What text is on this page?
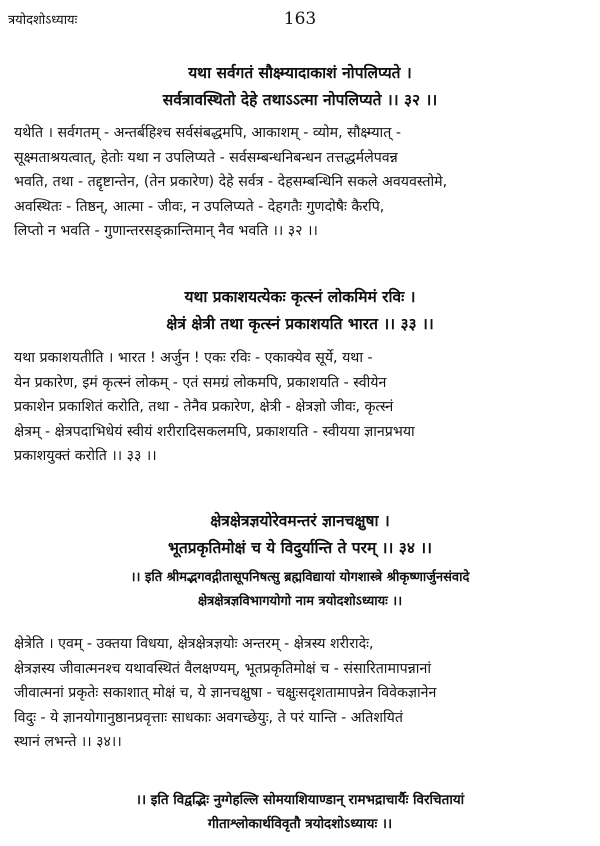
त्रयोदशोऽध्यायः	163
यथा सर्वगतं सौक्ष्म्यादाकाशं नोपलिप्यते ।
सर्वत्रावस्थितो देहे तथाऽऽत्मा नोपलिप्यते ।। ३२ ।।
यथेति । सर्वगतम् - अन्तर्बहिश्च सर्वसंबद्धमपि, आकाशम् - व्योम, सौक्ष्म्यात् -
सूक्ष्मताश्रयत्वात्, हेतोः यथा न उपलिप्यते - सर्वसम्बन्धनिबन्धन तत्तद्धर्मलेपवन्न
भवति, तथा - तद्दृष्टान्तेन, (तेन प्रकारेण) देहे सर्वत्र - देहसम्बन्धिनि सकले अवयवस्तोमे,
अवस्थितः - तिष्ठन्, आत्मा - जीवः, न उपलिप्यते - देहगतैः गुणदोषैः कैरपि,
लिप्तो न भवति - गुणान्तरसङ्क्रान्तिमान् नैव भवति ।। ३२ ।।
यथा प्रकाशयत्येकः कृत्स्नं लोकमिमं रविः ।
क्षेत्रं क्षेत्री तथा कृत्स्नं प्रकाशयति भारत ।। ३३ ।।
यथा प्रकाशयतीति । भारत ! अर्जुन ! एकः रविः - एकाक्येव सूर्ये, यथा -
येन प्रकारेण, इमं कृत्स्नं लोकम् - एतं समग्रं लोकमपि, प्रकाशयति - स्वीयेन
प्रकाशेन प्रकाशितं करोति, तथा - तेनैव प्रकारेण, क्षेत्री - क्षेत्रज्ञो जीवः, कृत्स्नं
क्षेत्रम् - क्षेत्रपदाभिधेयं स्वीयं शरीरादिसकलमपि, प्रकाशयति - स्वीयया ज्ञानप्रभया
प्रकाशयुक्तं करोति ।। ३३ ।।
क्षेत्रक्षेत्रज्ञयोरेवमन्तरं ज्ञानचक्षुषा ।
भूतप्रकृतिमोक्षं च ये विदुर्यान्ति ते परम् ।। ३४ ।।
।। इति श्रीमद्भगवद्गीतासूपनिषत्सु ब्रह्मविद्यायां योगशास्त्रे श्रीकृष्णार्जुनसंवादे
क्षेत्रक्षेत्रज्ञविभागयोगो नाम त्रयोदशोऽध्यायः ।।
क्षेत्रेति । एवम् - उक्तया विधया, क्षेत्रक्षेत्रज्ञयोः अन्तरम् - क्षेत्रस्य शरीरादेः,
क्षेत्रज्ञस्य जीवात्मनश्च यथावस्थितं वैलक्षण्यम्, भूतप्रकृतिमोक्षं च - संसारितामापन्नानां
जीवात्मनां प्रकृतेः सकाशात् मोक्षं च, ये ज्ञानचक्षुषा - चक्षुःसदृशतामापन्नेन विवेकज्ञानेन
विदुः - ये ज्ञानयोगानुष्ठानप्रवृत्ताः साधकाः अवगच्छेयुः, ते परं यान्ति - अतिशयितं
स्थानं लभन्ते ।। ३४।।
।। इति विद्वद्भिः नुग्गेहल्लि सोमयाशियाण्डान् रामभद्राचार्यैः विरचितायां
गीताश्लोकार्थविवृतौ त्रयोदशोऽध्यायः ।।
